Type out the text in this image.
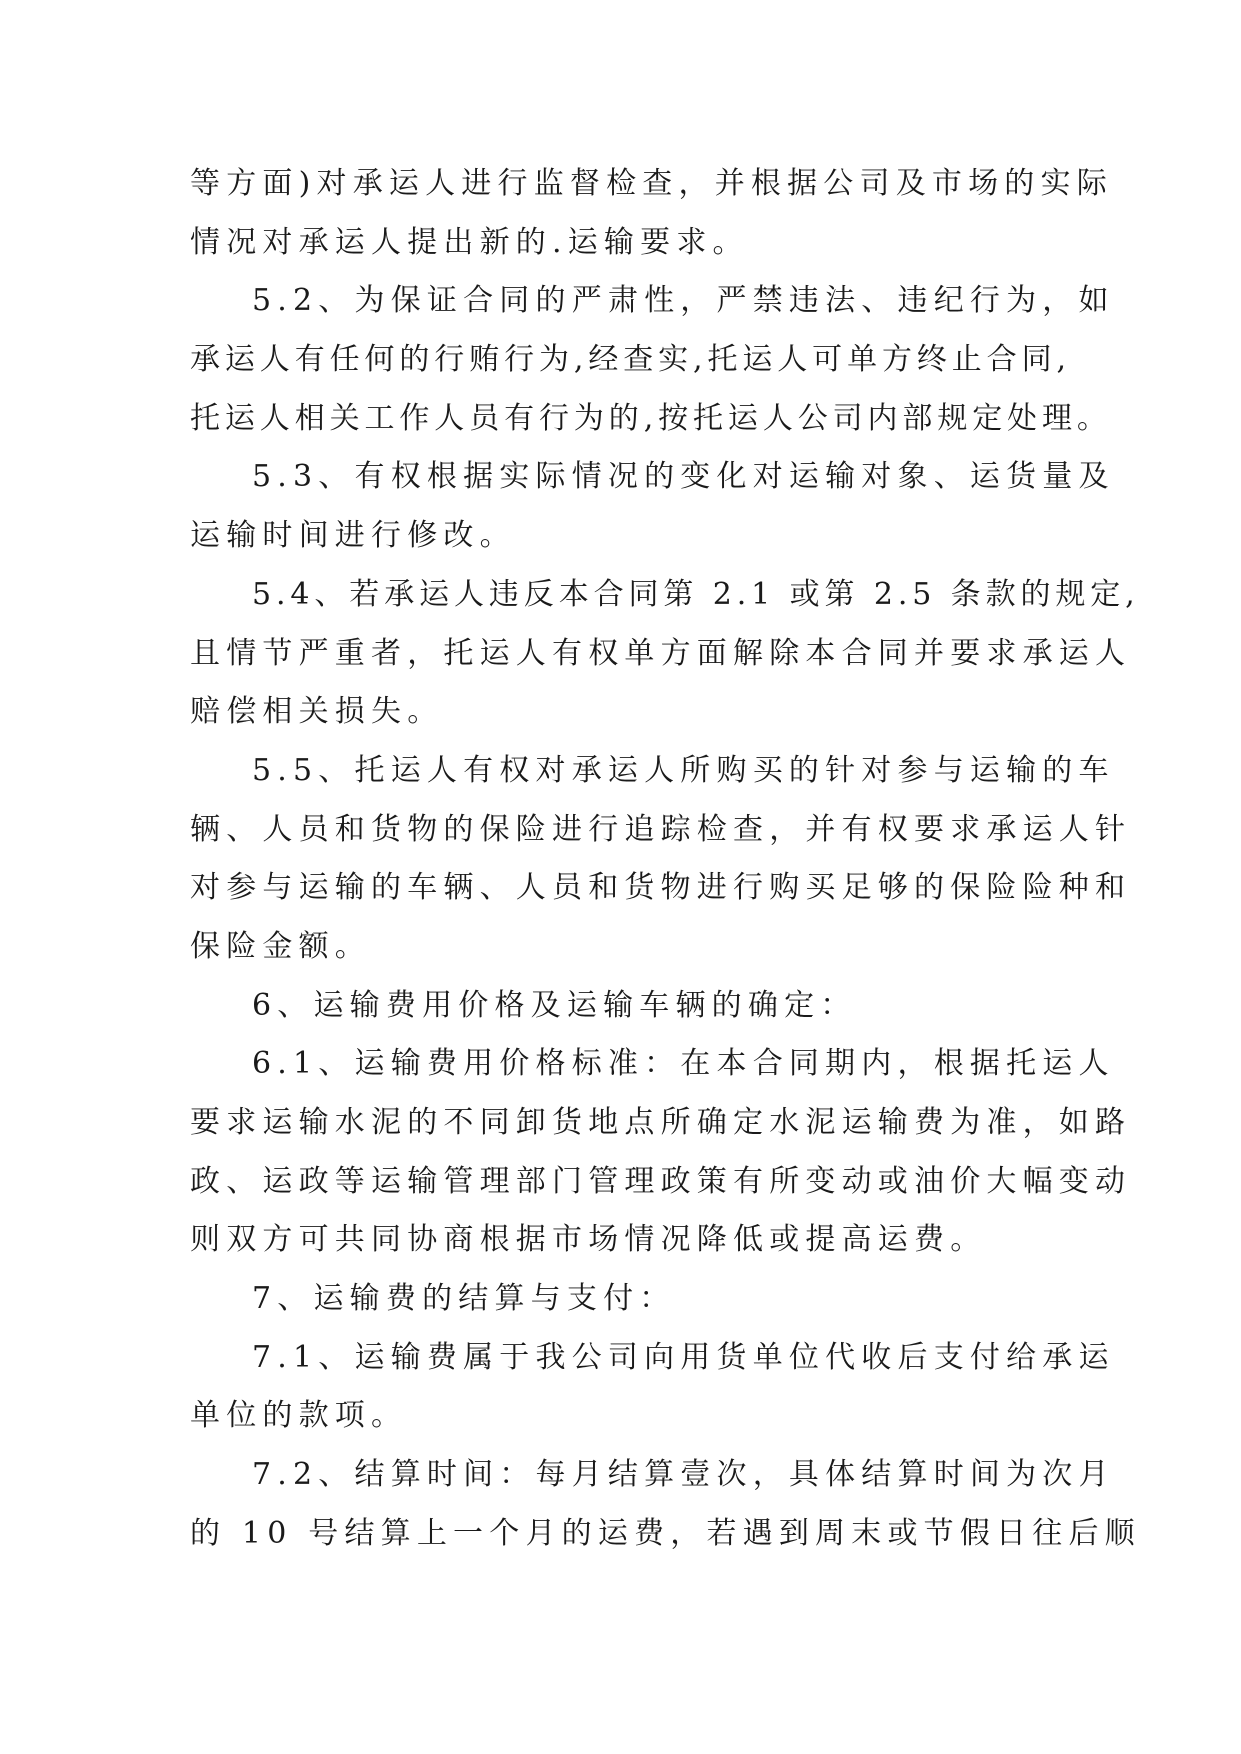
等方面)对承运人进行监督检查，并根据公司及市场的实际
情况对承运人提出新的.运输要求。
5.2、为保证合同的严肃性，严禁违法、违纪行为，如
承运人有任何的行贿行为,经查实,托运人可单方终止合同,
托运人相关工作人员有行为的,按托运人公司内部规定处理。
5.3、有权根据实际情况的变化对运输对象、运货量及
运输时间进行修改。
5.4、若承运人违反本合同第 2.1 或第 2.5 条款的规定,
且情节严重者，托运人有权单方面解除本合同并要求承运人
赔偿相关损失。
5.5、托运人有权对承运人所购买的针对参与运输的车
辆、人员和货物的保险进行追踪检查，并有权要求承运人针
对参与运输的车辆、人员和货物进行购买足够的保险险种和
保险金额。
6、运输费用价格及运输车辆的确定：
6.1、运输费用价格标准：在本合同期内，根据托运人
要求运输水泥的不同卸货地点所确定水泥运输费为准，如路
政、运政等运输管理部门管理政策有所变动或油价大幅变动
则双方可共同协商根据市场情况降低或提高运费。
7、运输费的结算与支付：
7.1、运输费属于我公司向用货单位代收后支付给承运
单位的款项。
7.2、结算时间：每月结算壹次，具体结算时间为次月
的 10 号结算上一个月的运费，若遇到周末或节假日往后顺
